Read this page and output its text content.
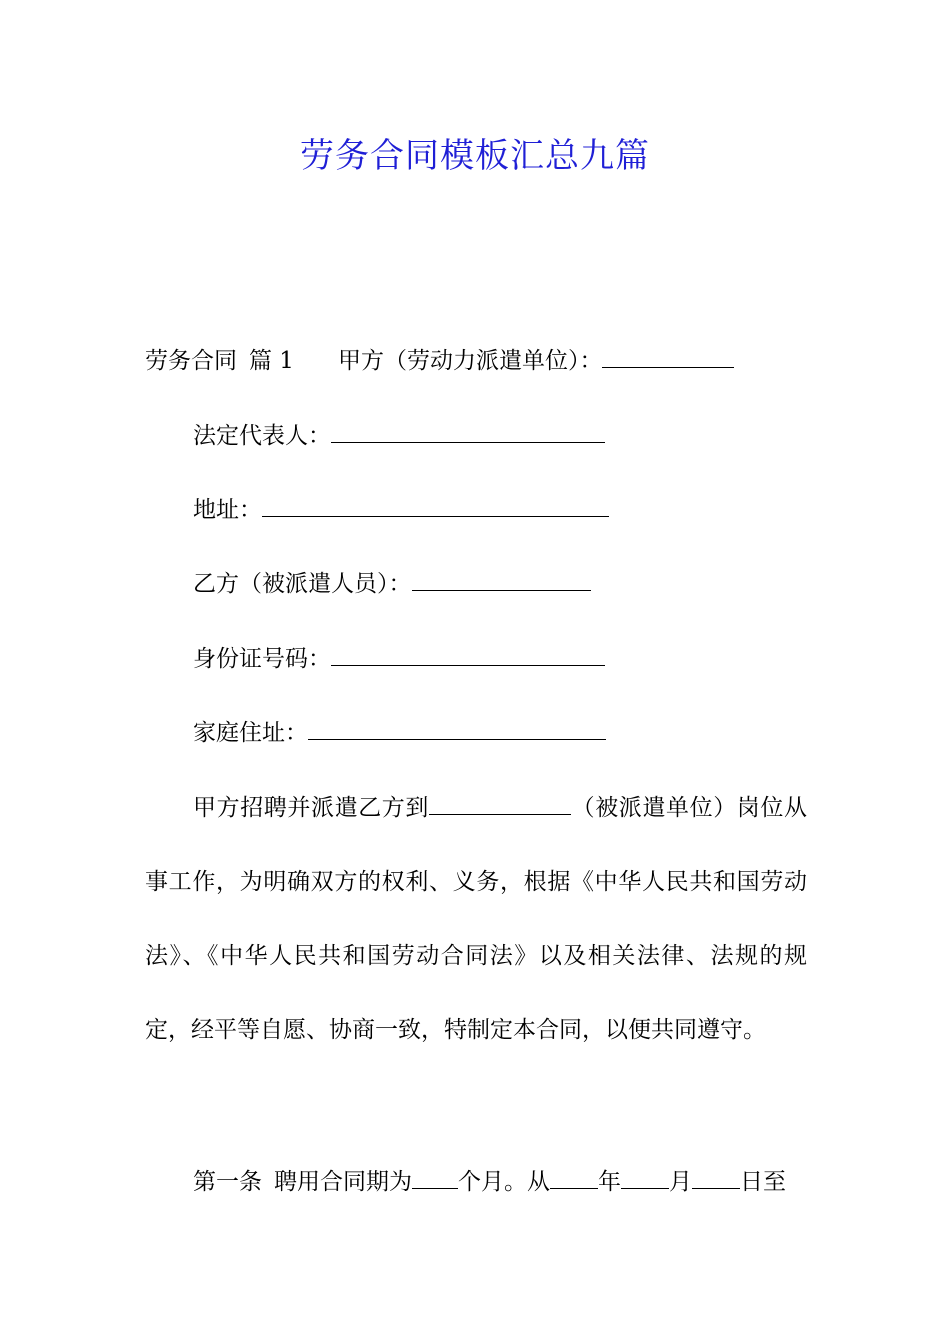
劳务合同模板汇总九篇
劳务合同 篇 1 甲方（劳动力派遣单位）：
法定代表人：
地址：
乙方（被派遣人员）：
身份证号码：
家庭住址：
甲方招聘并派遣乙方到	（被派遣单位）岗位从事工作，为明确双方的权利、义务，根据《中华人民共和国劳动法》、《中华人民共和国劳动合同法》以及相关法律、法规的规定，经平等自愿、协商一致，特制定本合同，以便共同遵守。
第一条 聘用合同期为 个月。从 年 月 日至
